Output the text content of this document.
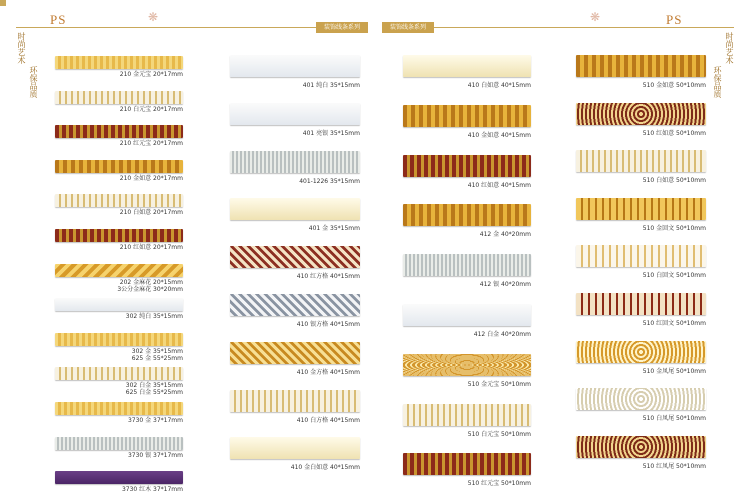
PS	PS
❋	❋
装饰线条系列	装饰线条系列
时尚艺术
环保品质
时尚艺术
环保品质
210 金元宝 20*17mm
210 白元宝 20*17mm
210 红元宝 20*17mm
210 金如意 20*17mm
210 白如意 20*17mm
210 红如意 20*17mm
202 金麻花 20*15mm
3公分金麻花 30*20mm
302 纯白 35*15mm
302 金 35*15mm
625 金 55*25mm
302 白金 35*15mm
625 白金 55*25mm
3730 金 37*17mm
3730 银 37*17mm
3730 红木 37*17mm
401 纯白 35*15mm
401 亮银 35*15mm
401-1226 35*15mm
401 金 35*15mm
410 红方格 40*15mm
410 银方格 40*15mm
410 金方格 40*15mm
410 白方格 40*15mm
410 金白如意 40*15mm
410 白如意 40*15mm
410 金如意 40*15mm
410 红如意 40*15mm
412 金 40*20mm
412 银 40*20mm
412 白金 40*20mm
510 金元宝 50*10mm
510 白元宝 50*10mm
510 红元宝 50*10mm
510 金如意 50*10mm
510 红如意 50*10mm
510 白如意 50*10mm
510 金回文 50*10mm
510 白回文 50*10mm
510 红回文 50*10mm
510 金凤尾 50*10mm
510 白凤尾 50*10mm
510 红凤尾 50*10mm
